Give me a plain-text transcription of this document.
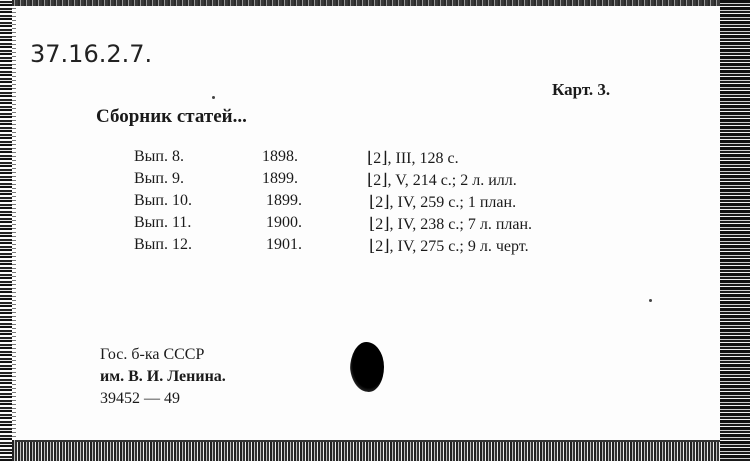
37.16.2.7.
Карт. 3.
Сборник статей...
Вып. 8.	1898.	⌊2⌋, III, 128 с.
Вып. 9.	1899.	⌊2⌋, V, 214 с.; 2 л. илл.
Вып. 10.	1899.	⌊2⌋, IV, 259 с.; 1 план.
Вып. 11.	1900.	⌊2⌋, IV, 238 с.; 7 л. план.
Вып. 12.	1901.	⌊2⌋, IV, 275 с.; 9 л. черт.
Гос. б-ка СССР
им. В. И. Ленина.
39452 — 49
